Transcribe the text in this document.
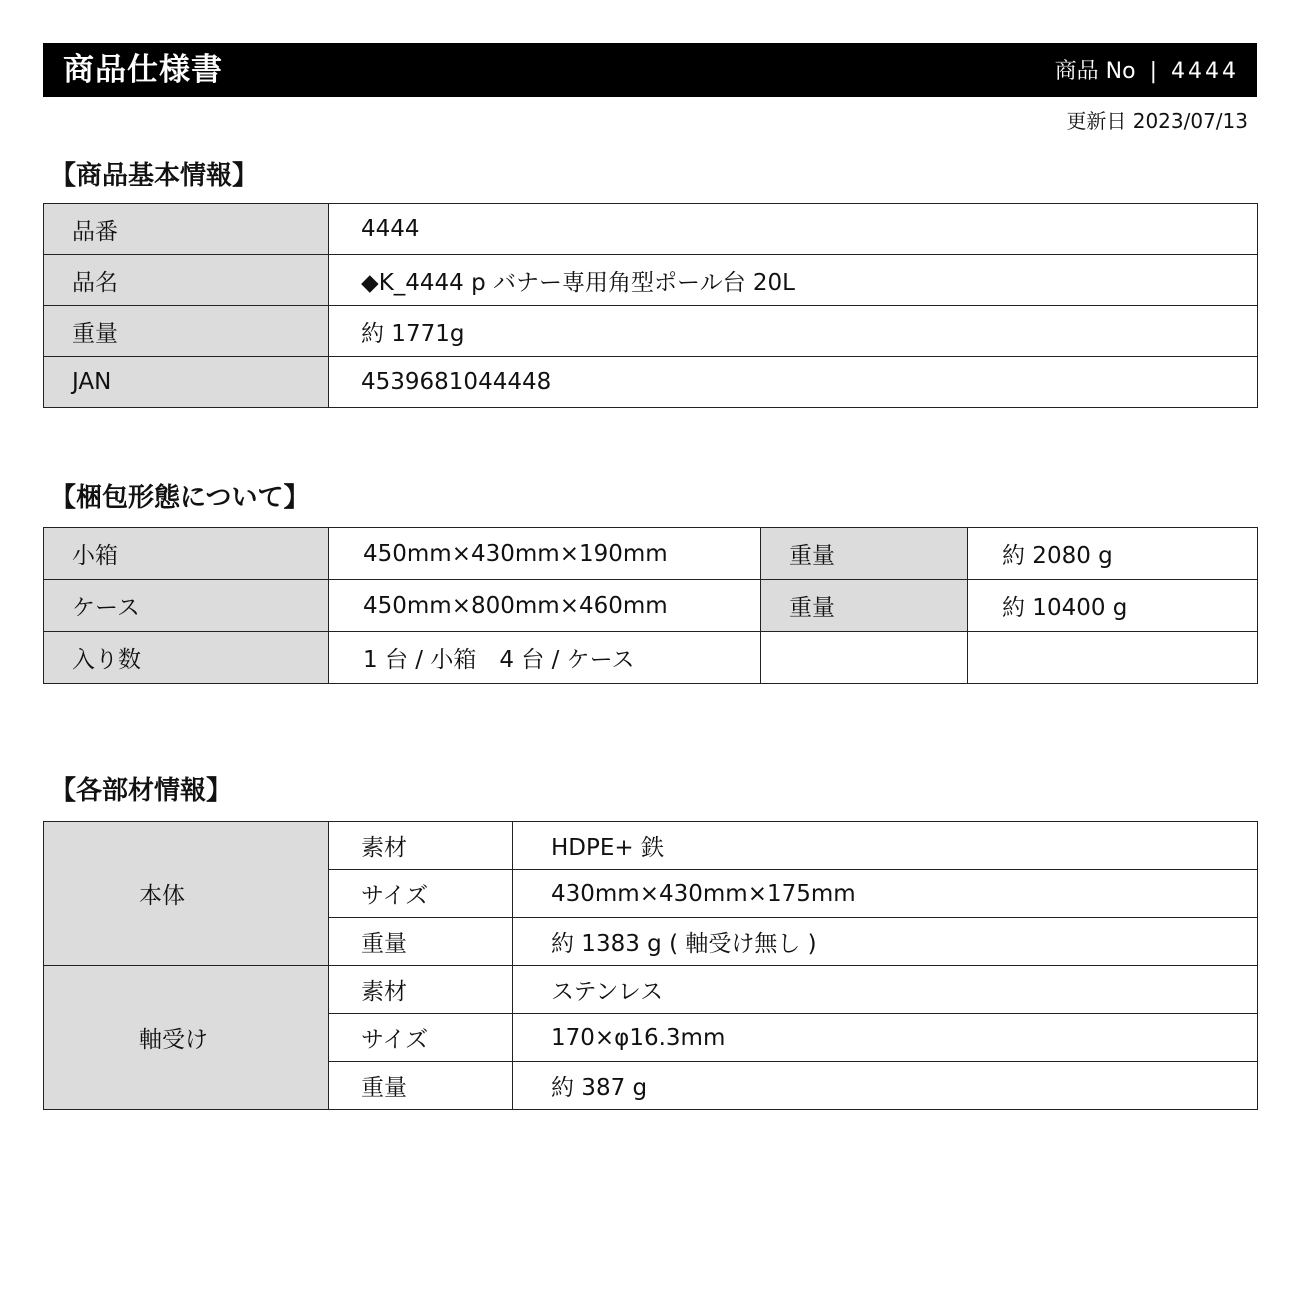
商品仕様書	商品 No | 4444
更新日 2023/07/13
【商品基本情報】
品番	4444
品名	◆K_4444 p バナー専用角型ポール台 20L
重量	約 1771g
JAN	4539681044448
【梱包形態について】
小箱	450mm×430mm×190mm	重量	約 2080 g
ケース	450mm×800mm×460mm	重量	約 10400 g
入り数	1 台 / 小箱　4 台 / ケース		
【各部材情報】
本体	素材	HDPE+ 鉄
	サイズ	430mm×430mm×175mm
	重量	約 1383 g ( 軸受け無し )
軸受け	素材	ステンレス
	サイズ	170×φ16.3mm
	重量	約 387 g
